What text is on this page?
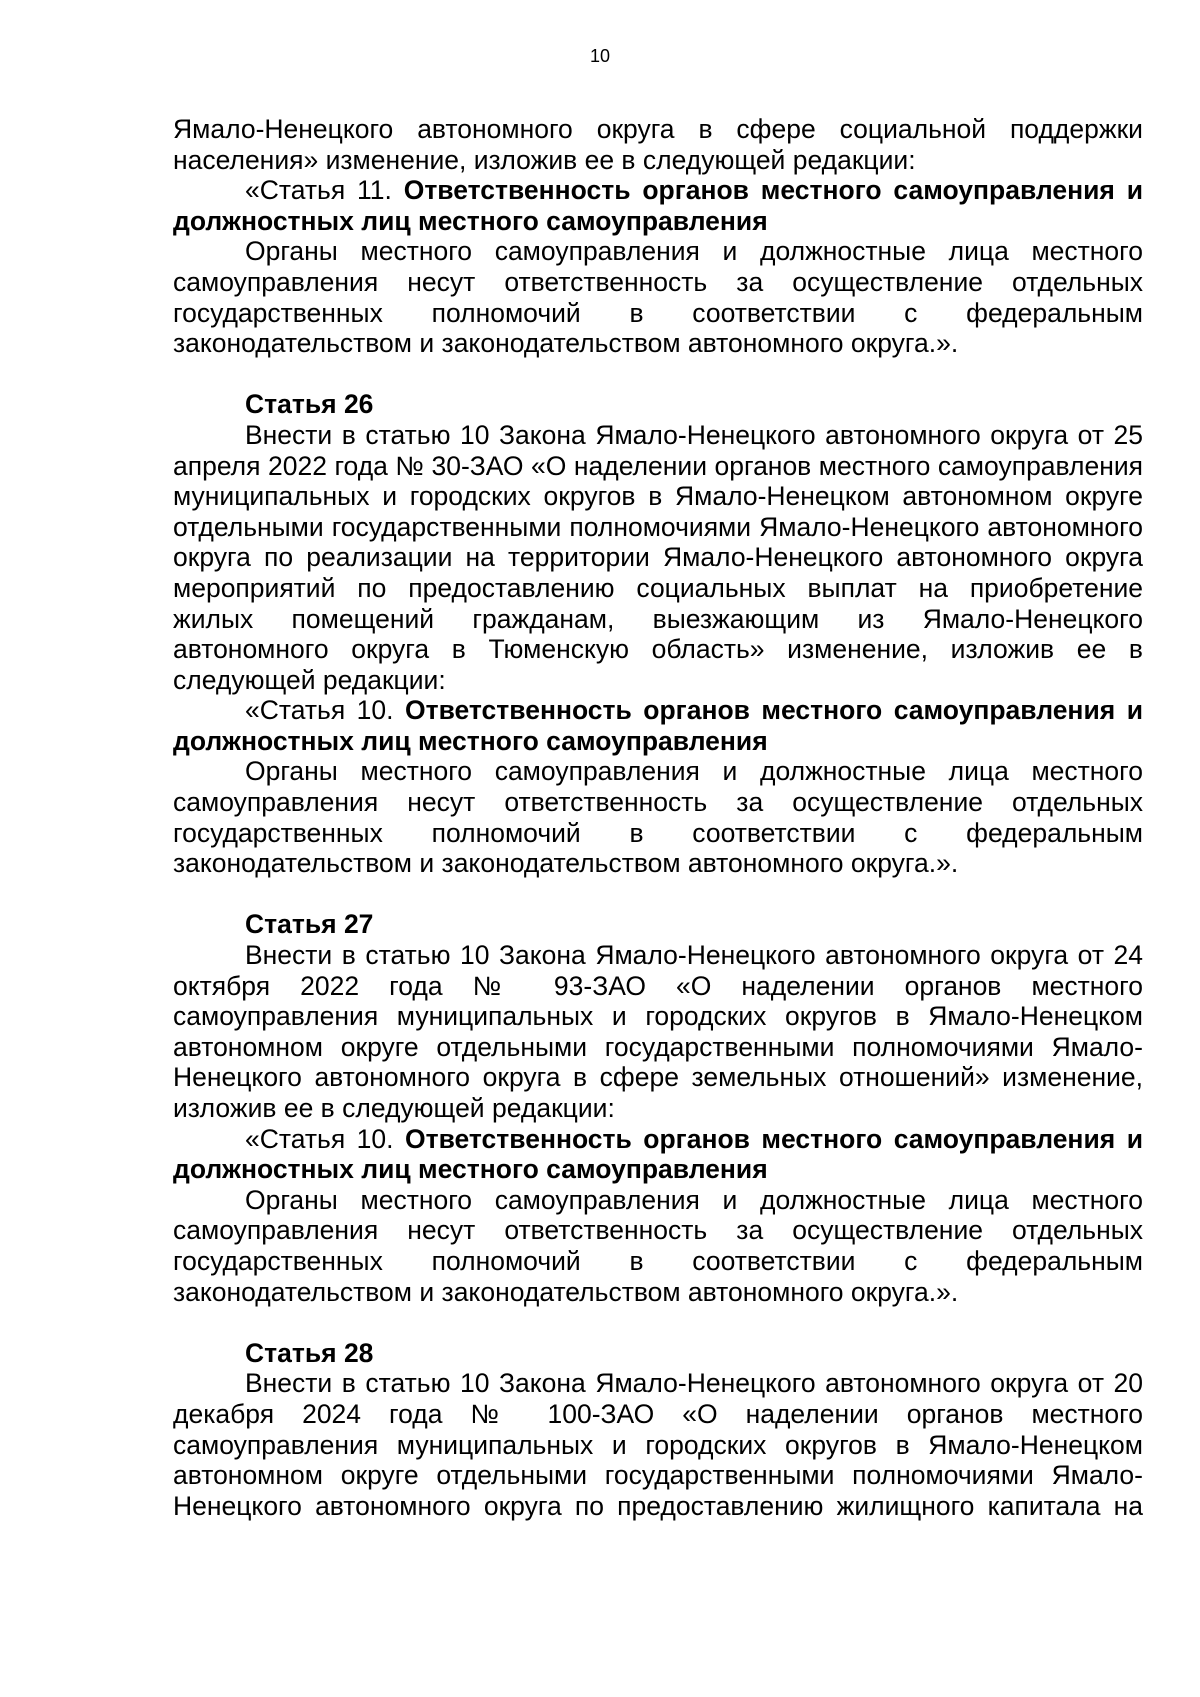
10

Ямало-Ненецкого автономного округа в сфере социальной поддержки населения» изменение, изложив ее в следующей редакции:

«Статья 11. Ответственность органов местного самоуправления и должностных лиц местного самоуправления

Органы местного самоуправления и должностные лица местного самоуправления несут ответственность за осуществление отдельных государственных полномочий в соответствии с федеральным законодательством и законодательством автономного округа.».

Статья 26

Внести в статью 10 Закона Ямало-Ненецкого автономного округа от 25 апреля 2022 года № 30-ЗАО «О наделении органов местного самоуправления муниципальных и городских округов в Ямало-Ненецком автономном округе отдельными государственными полномочиями Ямало-Ненецкого автономного округа по реализации на территории Ямало-Ненецкого автономного округа мероприятий по предоставлению социальных выплат на приобретение жилых помещений гражданам, выезжающим из Ямало-Ненецкого автономного округа в Тюменскую область» изменение, изложив ее в следующей редакции:

«Статья 10. Ответственность органов местного самоуправления и должностных лиц местного самоуправления

Органы местного самоуправления и должностные лица местного самоуправления несут ответственность за осуществление отдельных государственных полномочий в соответствии с федеральным законодательством и законодательством автономного округа.».

Статья 27

Внести в статью 10 Закона Ямало-Ненецкого автономного округа от 24 октября 2022 года № 93-ЗАО «О наделении органов местного самоуправления муниципальных и городских округов в Ямало-Ненецком автономном округе отдельными государственными полномочиями Ямало-Ненецкого автономного округа в сфере земельных отношений» изменение, изложив ее в следующей редакции:

«Статья 10. Ответственность органов местного самоуправления и должностных лиц местного самоуправления

Органы местного самоуправления и должностные лица местного самоуправления несут ответственность за осуществление отдельных государственных полномочий в соответствии с федеральным законодательством и законодательством автономного округа.».

Статья 28

Внести в статью 10 Закона Ямало-Ненецкого автономного округа от 20 декабря 2024 года № 100-ЗАО «О наделении органов местного самоуправления муниципальных и городских округов в Ямало-Ненецком автономном округе отдельными государственными полномочиями Ямало-Ненецкого автономного округа по предоставлению жилищного капитала на
